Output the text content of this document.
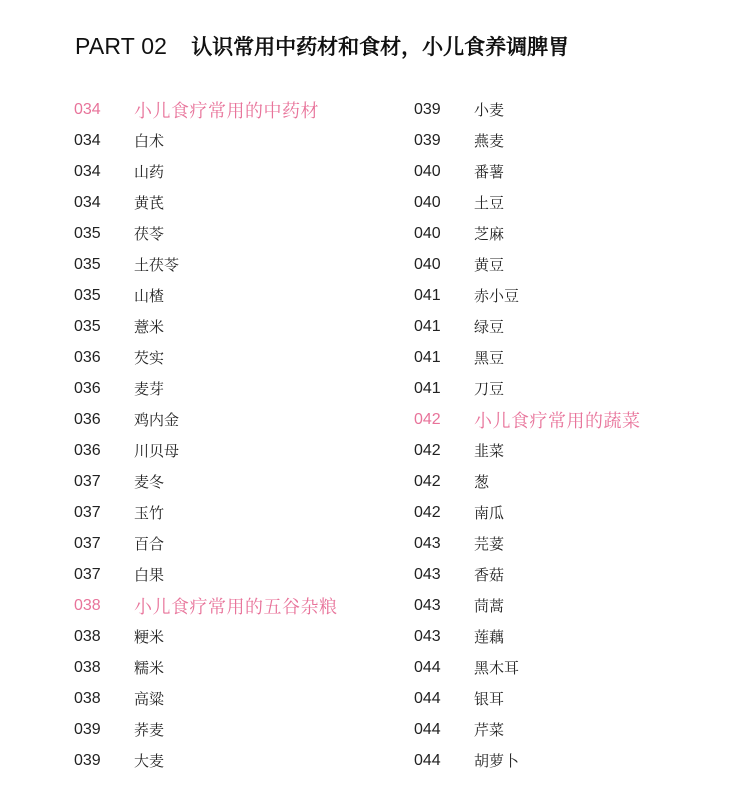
PART 02 认识常用中药材和食材，小儿食养调脾胃
034	小儿食疗常用的中药材
034	白术
034	山药
034	黄芪
035	茯苓
035	土茯苓
035	山楂
035	薏米
036	芡实
036	麦芽
036	鸡内金
036	川贝母
037	麦冬
037	玉竹
037	百合
037	白果
038	小儿食疗常用的五谷杂粮
038	粳米
038	糯米
038	高粱
039	荞麦
039	大麦
039	小麦
039	燕麦
040	番薯
040	土豆
040	芝麻
040	黄豆
041	赤小豆
041	绿豆
041	黑豆
041	刀豆
042	小儿食疗常用的蔬菜
042	韭菜
042	葱
042	南瓜
043	芫荽
043	香菇
043	茼蒿
043	莲藕
044	黑木耳
044	银耳
044	芹菜
044	胡萝卜
